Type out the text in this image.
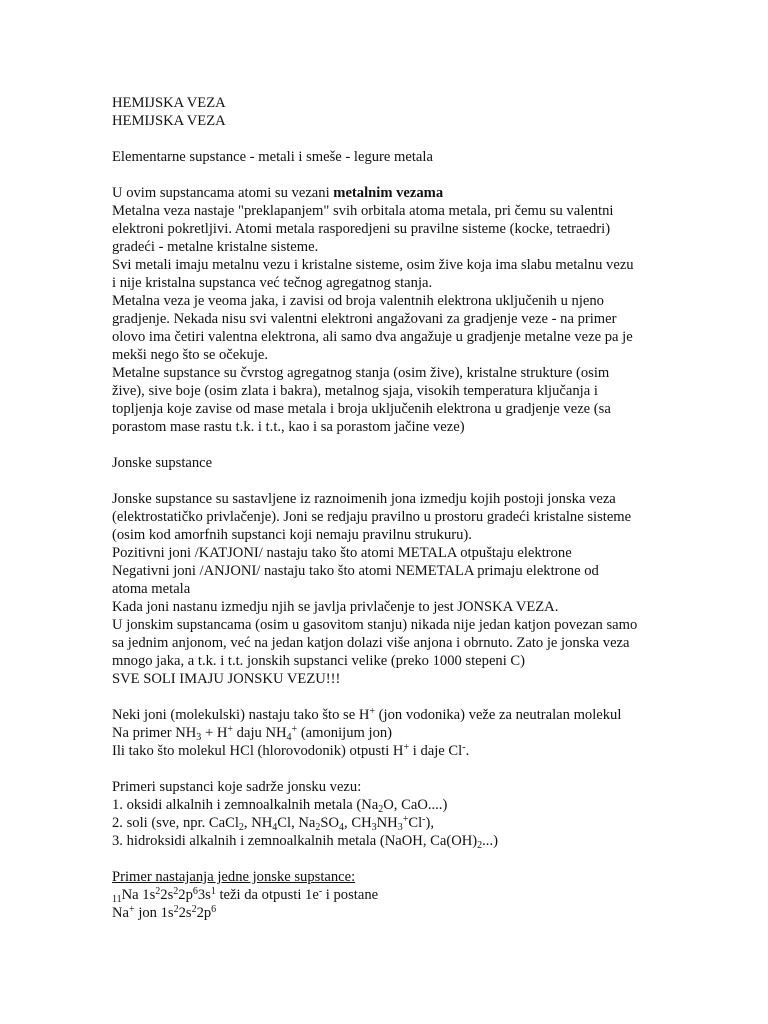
HEMIJSKA VEZA
HEMIJSKA VEZA
Elementarne supstance - metali i smeše - legure metala
U ovim supstancama atomi su vezani metalnim vezama
Metalna veza nastaje "preklapanjem" svih orbitala atoma metala, pri čemu su valentni
elektroni pokretljivi. Atomi metala rasporedjeni su pravilne sisteme (kocke, tetraedri)
gradeći - metalne kristalne sisteme.
Svi metali imaju metalnu vezu i kristalne sisteme, osim žive koja ima slabu metalnu vezu
i nije kristalna supstanca već tečnog agregatnog stanja.
Metalna veza je veoma jaka, i zavisi od broja valentnih elektrona uključenih u njeno
gradjenje. Nekada nisu svi valentni elektroni angažovani za gradjenje veze - na primer
olovo ima četiri valentna elektrona, ali samo dva angažuje u gradjenje metalne veze pa je
mekši nego što se očekuje.
Metalne supstance su čvrstog agregatnog stanja (osim žive), kristalne strukture (osim
žive), sive boje (osim zlata i bakra), metalnog sjaja, visokih temperatura ključanja i
topljenja koje zavise od mase metala i broja uključenih elektrona u gradjenje veze (sa
porastom mase rastu t.k. i t.t., kao i sa porastom jačine veze)
Jonske supstance
Jonske supstance su sastavljene iz raznoimenih jona izmedju kojih postoji jonska veza
(elektrostatičko privlačenje). Joni se redjaju pravilno u prostoru gradeći kristalne sisteme
(osim kod amorfnih supstanci koji nemaju pravilnu strukuru).
Pozitivni joni /KATJONI/ nastaju tako što atomi METALA otpuštaju elektrone
Negativni joni /ANJONI/ nastaju tako što atomi NEMETALA primaju elektrone od
atoma metala
Kada joni nastanu izmedju njih se javlja privlačenje to jest JONSKA VEZA.
U jonskim supstancama (osim u gasovitom stanju) nikada nije jedan katjon povezan samo
sa jednim anjonom, već na jedan katjon dolazi više anjona i obrnuto. Zato je jonska veza
mnogo jaka, a t.k. i t.t. jonskih supstanci velike (preko 1000 stepeni C)
SVE SOLI IMAJU JONSKU VEZU!!!
Neki joni (molekulski) nastaju tako što se H+ (jon vodonika) veže za neutralan molekul
Na primer $NH_3 + H^+$ daju $NH_4^+$ (amonijum jon)
Ili tako što molekul HCl (hlorovodonik) otpusti H+ i daje Cl-.
Primeri supstanci koje sadrže jonsku vezu:
1. oksidi alkalnih i zemnoalkalnih metala ($Na_2O$, CaO....)
2. soli (sve, npr. CaCl$_2$, $NH_4Cl$, $Na_2SO_4$, $CH_3NH_3^+Cl^-$),
3. hidroksidi alkalnih i zemnoalkalnih metala (NaOH, $Ca(OH)_2$...)
Primer nastajanja jedne jonske supstance:
$_{11}$Na $1s^22s^22p^63s^1$ teži da otpusti 1e- i postane
Na+ jon $1s^22s^22p^6$
